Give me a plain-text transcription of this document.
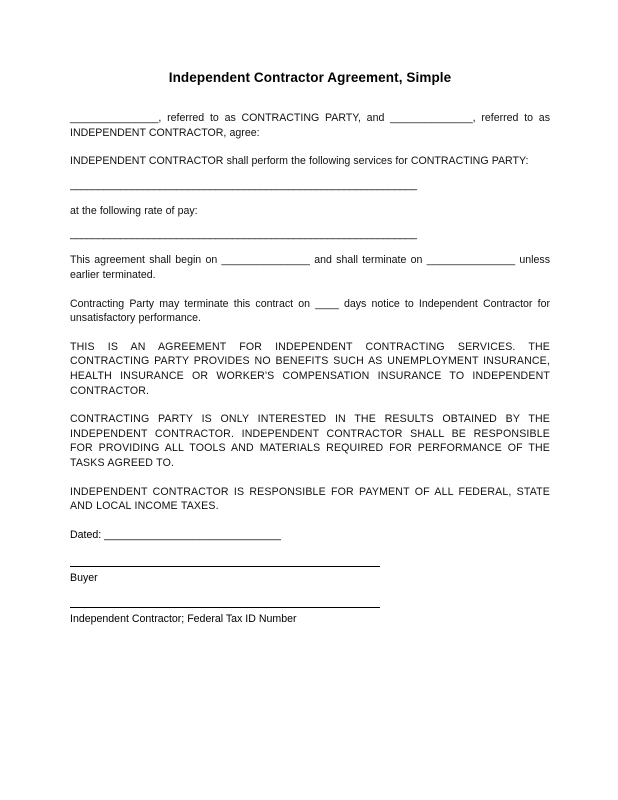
Independent Contractor Agreement, Simple

_______________, referred to as CONTRACTING PARTY, and ______________, referred to as INDEPENDENT CONTRACTOR, agree:

INDEPENDENT CONTRACTOR shall perform the following services for CONTRACTING PARTY:

______________________________________________________________

at the following rate of pay:

______________________________________________________________

This agreement shall begin on _______________ and shall terminate on _______________ unless earlier terminated.

Contracting Party may terminate this contract on ____ days notice to Independent Contractor for unsatisfactory performance.

THIS IS AN AGREEMENT FOR INDEPENDENT CONTRACTING SERVICES. THE CONTRACTING PARTY PROVIDES NO BENEFITS SUCH AS UNEMPLOYMENT INSURANCE, HEALTH INSURANCE OR WORKER'S COMPENSATION INSURANCE TO INDEPENDENT CONTRACTOR.

CONTRACTING PARTY IS ONLY INTERESTED IN THE RESULTS OBTAINED BY THE INDEPENDENT CONTRACTOR. INDEPENDENT CONTRACTOR SHALL BE RESPONSIBLE FOR PROVIDING ALL TOOLS AND MATERIALS REQUIRED FOR PERFORMANCE OF THE TASKS AGREED TO.

INDEPENDENT CONTRACTOR IS RESPONSIBLE FOR PAYMENT OF ALL FEDERAL, STATE AND LOCAL INCOME TAXES.

Dated: ______________________________

Buyer
Independent Contractor; Federal Tax ID Number
